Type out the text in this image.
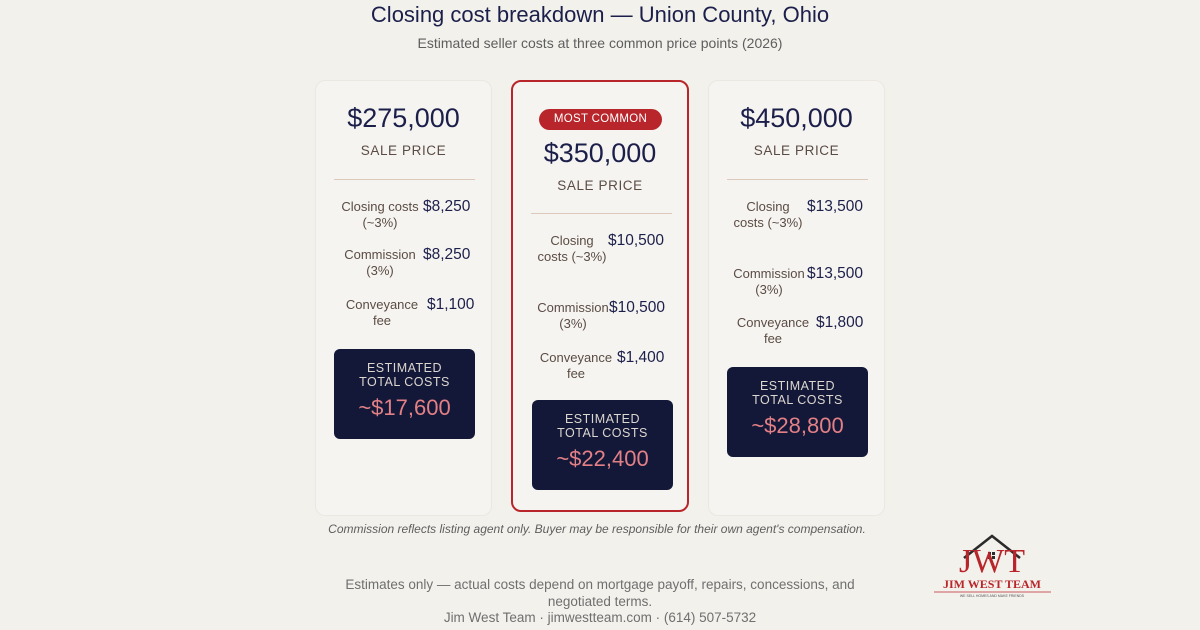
Closing cost breakdown — Union County, Ohio
Estimated seller costs at three common price points (2026)
$275,000
SALE PRICE
Closing costs
(~3%)
$8,250
Commission
(3%)
$8,250
Conveyance
fee
$1,100
ESTIMATED
TOTAL COSTS
~$17,600
MOST COMMON
$350,000
SALE PRICE
Closing
costs (~3%)
$10,500
Commission
(3%)
$10,500
Conveyance
fee
$1,400
ESTIMATED
TOTAL COSTS
~$22,400
$450,000
SALE PRICE
Closing
costs (~3%)
$13,500
Commission
(3%)
$13,500
Conveyance
fee
$1,800
ESTIMATED
TOTAL COSTS
~$28,800
Commission reflects listing agent only. Buyer may be responsible for their own agent's compensation.
Estimates only — actual costs depend on mortgage payoff, repairs, concessions, and
negotiated terms.
Jim West Team · jimwestteam.com · (614) 507-5732
JWT
JIM WEST TEAM
WE SELL HOMES AND MAKE FRIENDS
